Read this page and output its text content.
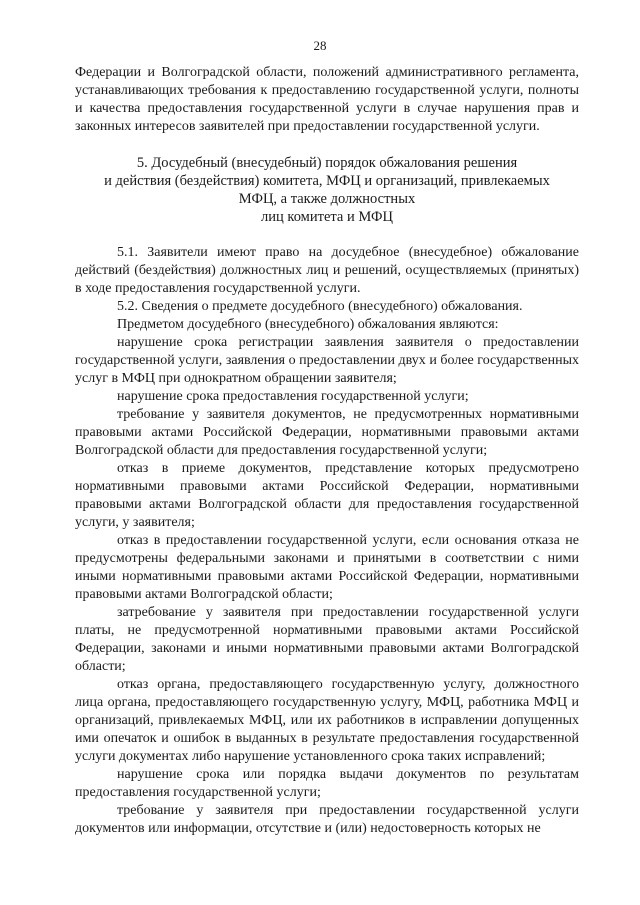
28

Федерации и Волгоградской области, положений административного регламента, устанавливающих требования к предоставлению государственной услуги, полноты и качества предоставления государственной услуги в случае нарушения прав и законных интересов заявителей при предоставлении государственной услуги.

5. Досудебный (внесудебный) порядок обжалования решения
и действия (бездействия) комитета, МФЦ и организаций, привлекаемых
МФЦ, а также должностных
лиц комитета и МФЦ

5.1. Заявители имеют право на досудебное (внесудебное) обжалование действий (бездействия) должностных лиц и решений, осуществляемых (принятых) в ходе предоставления государственной услуги.

5.2. Сведения о предмете досудебного (внесудебного) обжалования.

Предметом досудебного (внесудебного) обжалования являются:

нарушение срока регистрации заявления заявителя о предоставлении государственной услуги, заявления о предоставлении двух и более государственных услуг в МФЦ при однократном обращении заявителя;

нарушение срока предоставления государственной услуги;

требование у заявителя документов, не предусмотренных нормативными правовыми актами Российской Федерации, нормативными правовыми актами Волгоградской области для предоставления государственной услуги;

отказ в приеме документов, представление которых предусмотрено нормативными правовыми актами Российской Федерации, нормативными правовыми актами Волгоградской области для предоставления государственной услуги, у заявителя;

отказ в предоставлении государственной услуги, если основания отказа не предусмотрены федеральными законами и принятыми в соответствии с ними иными нормативными правовыми актами Российской Федерации, нормативными правовыми актами Волгоградской области;

затребование у заявителя при предоставлении государственной услуги платы, не предусмотренной нормативными правовыми актами Российской Федерации, законами и иными нормативными правовыми актами Волгоградской области;

отказ органа, предоставляющего государственную услугу, должностного лица органа, предоставляющего государственную услугу, МФЦ, работника МФЦ и организаций, привлекаемых МФЦ, или их работников в исправлении допущенных ими опечаток и ошибок в выданных в результате предоставления государственной услуги документах либо нарушение установленного срока таких исправлений;

нарушение срока или порядка выдачи документов по результатам предоставления государственной услуги;

требование у заявителя при предоставлении государственной услуги документов или информации, отсутствие и (или) недостоверность которых не
